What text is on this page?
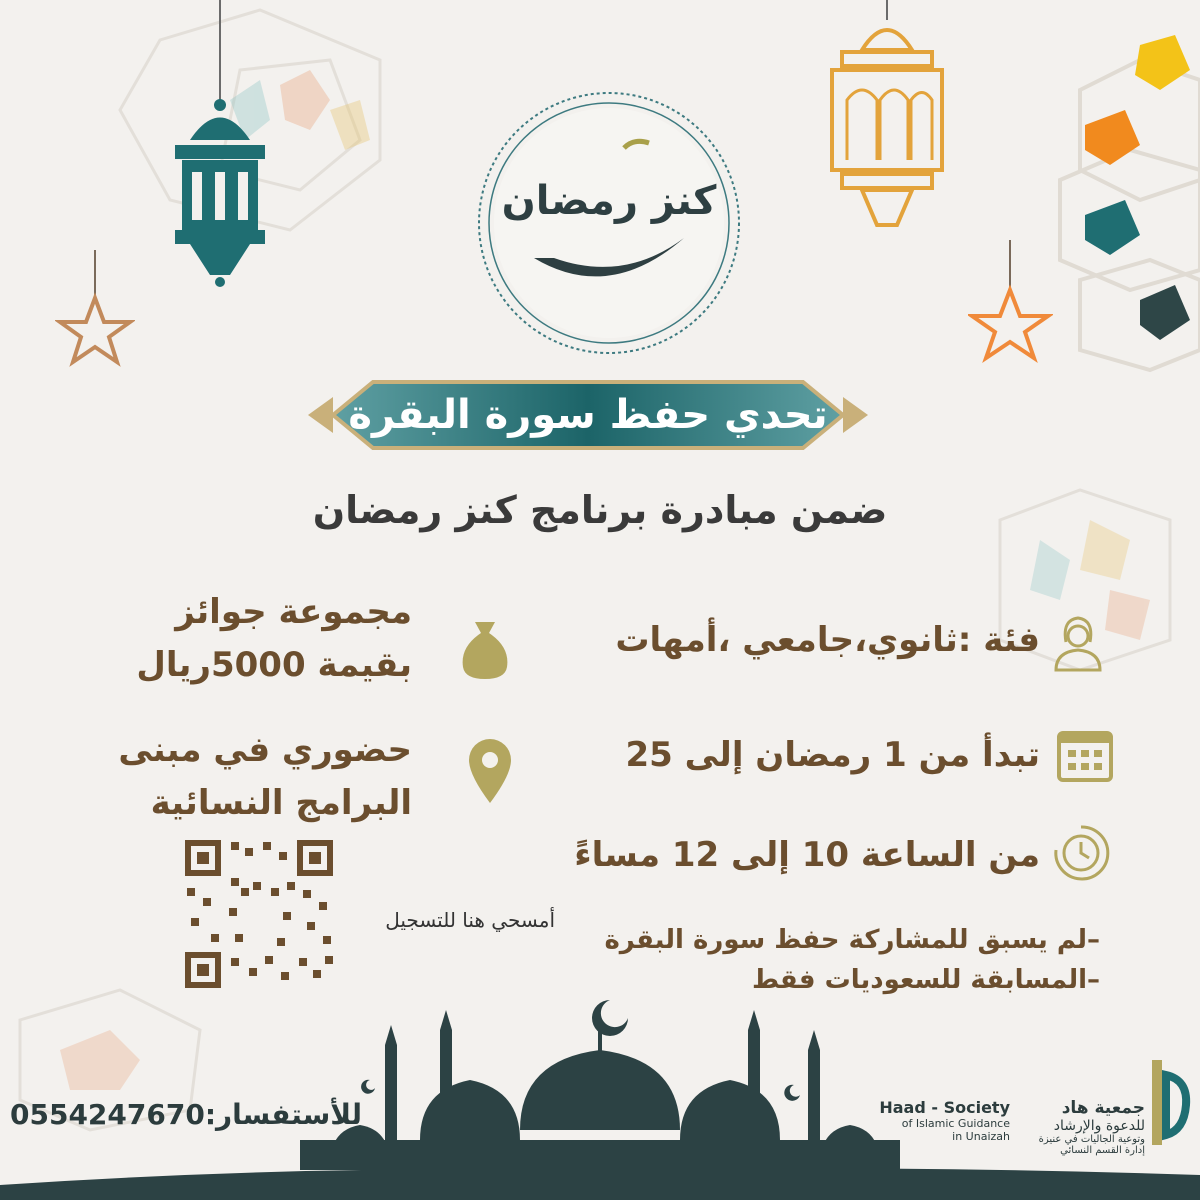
كنز رمضان
تحدي حفظ سورة البقرة
ضمن مبادرة برنامج كنز رمضان
مجموعة جوائز
بقيمة 5000ريال
حضوري في مبنى
البرامج النسائية
فئة :ثانوي،جامعي ،أمهات
تبدأ من 1 رمضان إلى 25
من الساعة 10 إلى 12 مساءً
–لم يسبق للمشاركة حفظ سورة البقرة
–المسابقة للسعوديات فقط
أمسحي هنا للتسجيل
للأستفسار:0554247670	Haad - Society
of Islamic Guidance
in Unaizah
جمعية هاد
للدعوة والإرشاد
وتوعية الجاليات في عنيزة
إدارة القسم النسائي
